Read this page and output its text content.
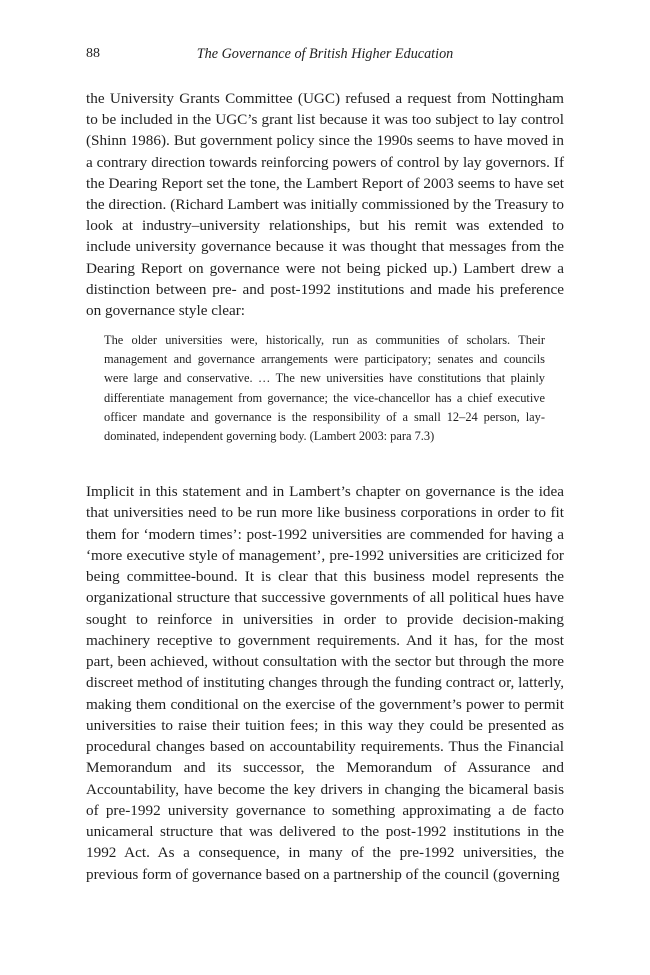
88	The Governance of British Higher Education

the University Grants Committee (UGC) refused a request from Nottingham to be included in the UGC’s grant list because it was too subject to lay control (Shinn 1986). But government policy since the 1990s seems to have moved in a contrary direction towards reinforcing powers of control by lay governors. If the Dearing Report set the tone, the Lambert Report of 2003 seems to have set the direction. (Richard Lambert was initially commissioned by the Treasury to look at industry–university relationships, but his remit was extended to include university governance because it was thought that messages from the Dearing Report on governance were not being picked up.) Lambert drew a distinction between pre- and post-1992 institutions and made his preference on governance style clear:

The older universities were, historically, run as communities of scholars. Their management and governance arrangements were participatory; senates and councils were large and conservative. … The new universities have constitutions that plainly differentiate management from governance; the vice-chancellor has a chief executive officer mandate and governance is the responsibility of a small 12–24 person, lay-dominated, independent governing body. (Lambert 2003: para 7.3)

Implicit in this statement and in Lambert’s chapter on governance is the idea that universities need to be run more like business corporations in order to fit them for ‘modern times’: post-1992 universities are commended for having a ‘more executive style of management’, pre-1992 universities are criticized for being committee-bound. It is clear that this business model represents the organizational structure that successive governments of all political hues have sought to reinforce in universities in order to provide decision-making machinery receptive to government requirements. And it has, for the most part, been achieved, without consultation with the sector but through the more discreet method of instituting changes through the funding contract or, latterly, making them conditional on the exercise of the government’s power to permit universities to raise their tuition fees; in this way they could be presented as procedural changes based on accountability requirements. Thus the Financial Memorandum and its successor, the Memorandum of Assurance and Accountability, have become the key drivers in changing the bicameral basis of pre-1992 university governance to something approximating a de facto unicameral structure that was delivered to the post-1992 institutions in the 1992 Act. As a consequence, in many of the pre-1992 universities, the previous form of governance based on a partnership of the council (governing
